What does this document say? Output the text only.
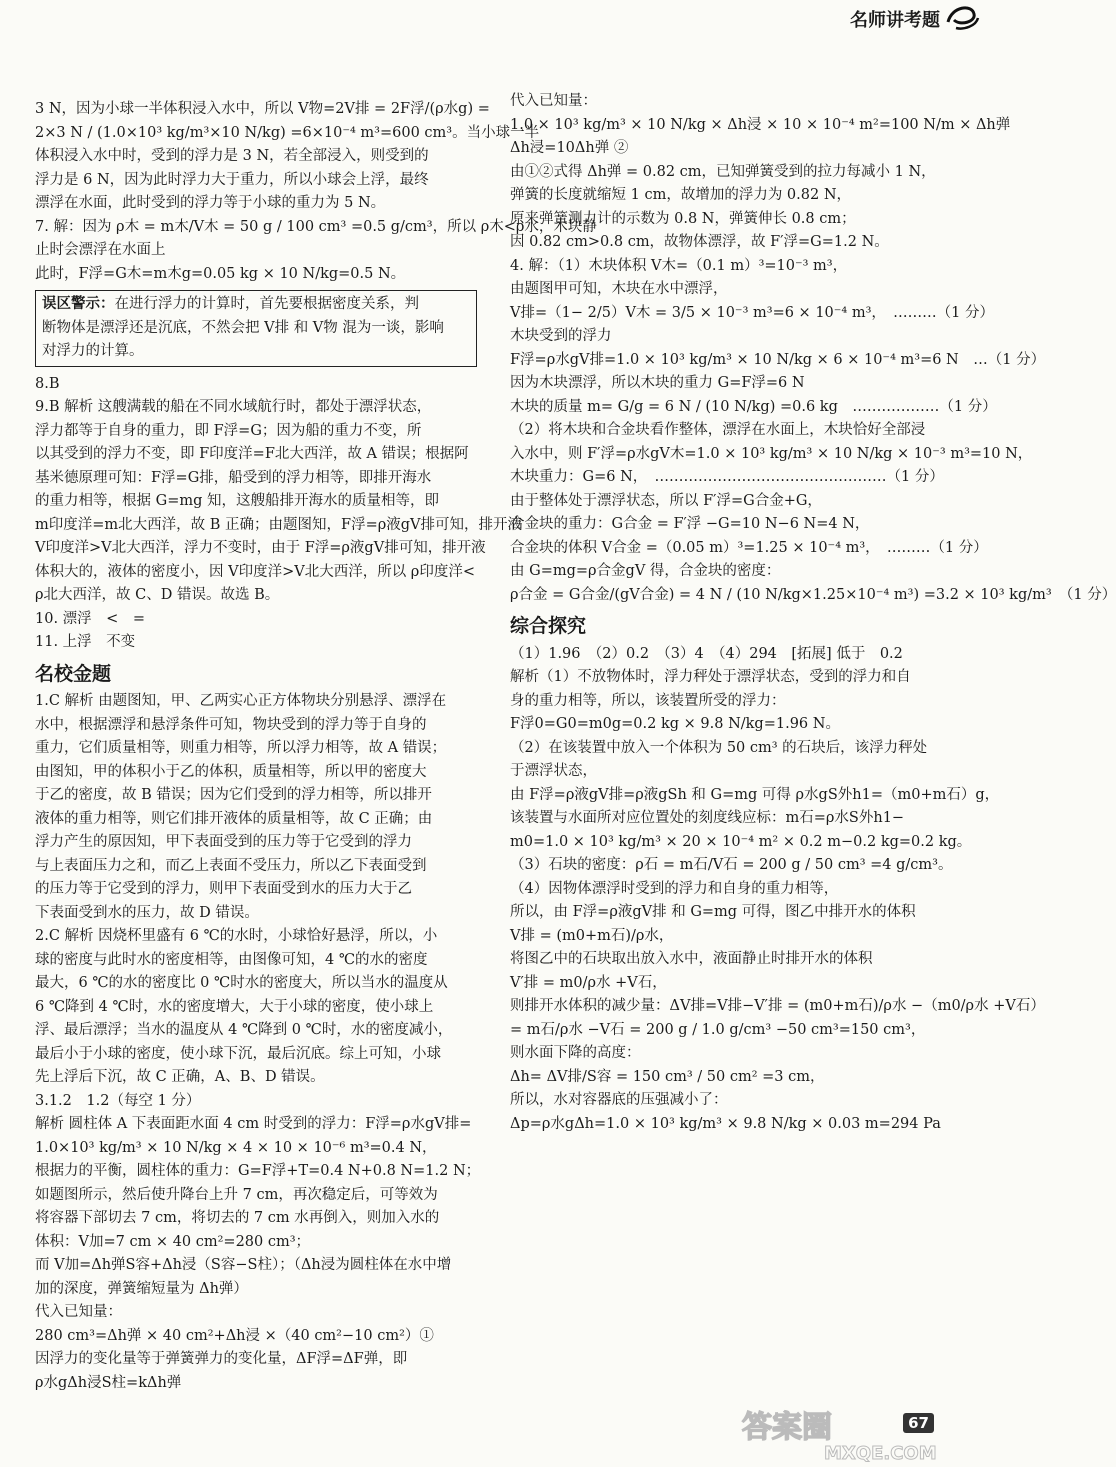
名师讲考题
3 N，因为小球一半体积浸入水中，所以 V物=2V排 = 2F浮/(ρ水g) =
2×3 N / (1.0×10³ kg/m³×10 N/kg) =6×10⁻⁴ m³=600 cm³。当小球一半
体积浸入水中时，受到的浮力是 3 N，若全部浸入，则受到的
浮力是 6 N，因为此时浮力大于重力，所以小球会上浮，最终
漂浮在水面，此时受到的浮力等于小球的重力为 5 N。
7. 解：因为 ρ木 = m木/V木 = 50 g / 100 cm³ =0.5 g/cm³，所以 ρ木<ρ水，木块静
止时会漂浮在水面上
此时，F浮=G木=m木g=0.05 kg × 10 N/kg=0.5 N。
误区警示：在进行浮力的计算时，首先要根据密度关系，判
断物体是漂浮还是沉底，不然会把 V排 和 V物 混为一谈，影响
对浮力的计算。
8.B
9.B 解析 这艘满载的船在不同水域航行时，都处于漂浮状态，
浮力都等于自身的重力，即 F浮=G；因为船的重力不变，所
以其受到的浮力不变，即 F印度洋=F北大西洋，故 A 错误；根据阿
基米德原理可知：F浮=G排，船受到的浮力相等，即排开海水
的重力相等，根据 G=mg 知，这艘船排开海水的质量相等，即
m印度洋=m北大西洋，故 B 正确；由题图知，F浮=ρ液gV排可知，排开液
V印度洋>V北大西洋，浮力不变时，由于 F浮=ρ液gV排可知，排开液
体积大的，液体的密度小，因 V印度洋>V北大西洋，所以 ρ印度洋<
ρ北大西洋，故 C、D 错误。故选 B。
10. 漂浮　<　=
11. 上浮　不变
名校金题
1.C 解析 由题图知，甲、乙两实心正方体物块分别悬浮、漂浮在
水中，根据漂浮和悬浮条件可知，物块受到的浮力等于自身的
重力，它们质量相等，则重力相等，所以浮力相等，故 A 错误；
由图知，甲的体积小于乙的体积，质量相等，所以甲的密度大
于乙的密度，故 B 错误；因为它们受到的浮力相等，所以排开
液体的重力相等，则它们排开液体的质量相等，故 C 正确；由
浮力产生的原因知，甲下表面受到的压力等于它受到的浮力
与上表面压力之和，而乙上表面不受压力，所以乙下表面受到
的压力等于它受到的浮力，则甲下表面受到水的压力大于乙
下表面受到水的压力，故 D 错误。
2.C 解析 因烧杯里盛有 6 ℃的水时，小球恰好悬浮，所以，小
球的密度与此时水的密度相等，由图像可知，4 ℃的水的密度
最大，6 ℃的水的密度比 0 ℃时水的密度大，所以当水的温度从
6 ℃降到 4 ℃时，水的密度增大，大于小球的密度，使小球上
浮、最后漂浮；当水的温度从 4 ℃降到 0 ℃时，水的密度减小，
最后小于小球的密度，使小球下沉，最后沉底。综上可知，小球
先上浮后下沉，故 C 正确，A、B、D 错误。
3.1.2　1.2（每空 1 分）
解析 圆柱体 A 下表面距水面 4 cm 时受到的浮力：F浮=ρ水gV排=
1.0×10³ kg/m³ × 10 N/kg × 4 × 10 × 10⁻⁶ m³=0.4 N，
根据力的平衡，圆柱体的重力：G=F浮+T=0.4 N+0.8 N=1.2 N；
如题图所示，然后使升降台上升 7 cm，再次稳定后，可等效为
将容器下部切去 7 cm，将切去的 7 cm 水再倒入，则加入水的
体积：V加=7 cm × 40 cm²=280 cm³；
而 V加=Δh弹S容+Δh浸（S容−S柱）；（Δh浸为圆柱体在水中增
加的深度，弹簧缩短量为 Δh弹）
代入已知量：
280 cm³=Δh弹 × 40 cm²+Δh浸 ×（40 cm²−10 cm²）①
因浮力的变化量等于弹簧弹力的变化量，ΔF浮=ΔF弹，即
ρ水gΔh浸S柱=kΔh弹
代入已知量：
1.0 × 10³ kg/m³ × 10 N/kg × Δh浸 × 10 × 10⁻⁴ m²=100 N/m × Δh弹
Δh浸=10Δh弹 ②
由①②式得 Δh弹 = 0.82 cm，已知弹簧受到的拉力每减小 1 N，
弹簧的长度就缩短 1 cm，故增加的浮力为 0.82 N，
原来弹簧测力计的示数为 0.8 N，弹簧伸长 0.8 cm；
因 0.82 cm>0.8 cm，故物体漂浮，故 F′浮=G=1.2 N。
4. 解：（1）木块体积 V木=（0.1 m）³=10⁻³ m³，
由题图甲可知，木块在水中漂浮，
V排=（1− 2/5）V木 = 3/5 × 10⁻³ m³=6 × 10⁻⁴ m³，　………（1 分）
木块受到的浮力
F浮=ρ水gV排=1.0 × 10³ kg/m³ × 10 N/kg × 6 × 10⁻⁴ m³=6 N　…（1 分）
因为木块漂浮，所以木块的重力 G=F浮=6 N
木块的质量 m= G/g = 6 N / (10 N/kg) =0.6 kg　………………（1 分）
（2）将木块和合金块看作整体，漂浮在水面上，木块恰好全部浸
入水中，则 F′浮=ρ水gV木=1.0 × 10³ kg/m³ × 10 N/kg × 10⁻³ m³=10 N，
木块重力：G=6 N，　…………………………………………（1 分）
由于整体处于漂浮状态，所以 F′浮=G合金+G，
合金块的重力：G合金 = F′浮 −G=10 N−6 N=4 N，
合金块的体积 V合金 =（0.05 m）³=1.25 × 10⁻⁴ m³，　………（1 分）
由 G=mg=ρ合金gV 得，合金块的密度：
ρ合金 = G合金/(gV合金) = 4 N / (10 N/kg×1.25×10⁻⁴ m³) =3.2 × 10³ kg/m³　（1 分）
综合探究
（1）1.96　（2）0.2　（3）4　（4）294　[拓展] 低于　0.2
解析（1）不放物体时，浮力秤处于漂浮状态，受到的浮力和自
身的重力相等，所以，该装置所受的浮力：
F浮0=G0=m0g=0.2 kg × 9.8 N/kg=1.96 N。
（2）在该装置中放入一个体积为 50 cm³ 的石块后，该浮力秤处
于漂浮状态，
由 F浮=ρ液gV排=ρ液gSh 和 G=mg 可得 ρ水gS外h1=（m0+m石）g，
该装置与水面所对应位置处的刻度线应标：m石=ρ水S外h1−
m0=1.0 × 10³ kg/m³ × 20 × 10⁻⁴ m² × 0.2 m−0.2 kg=0.2 kg。
（3）石块的密度：ρ石 = m石/V石 = 200 g / 50 cm³ =4 g/cm³。
（4）因物体漂浮时受到的浮力和自身的重力相等，
所以，由 F浮=ρ液gV排 和 G=mg 可得，图乙中排开水的体积
V排 = (m0+m石)/ρ水，
将图乙中的石块取出放入水中，液面静止时排开水的体积
V′排 = m0/ρ水 +V石，
则排开水体积的减少量：ΔV排=V排−V′排 = (m0+m石)/ρ水 −（m0/ρ水 +V石）
= m石/ρ水 −V石 = 200 g / 1.0 g/cm³ −50 cm³=150 cm³，
则水面下降的高度：
Δh= ΔV排/S容 = 150 cm³ / 50 cm² =3 cm，
所以，水对容器底的压强减小了：
Δp=ρ水gΔh=1.0 × 10³ kg/m³ × 9.8 N/kg × 0.03 m=294 Pa
67
答案圈
MXQE.COM
